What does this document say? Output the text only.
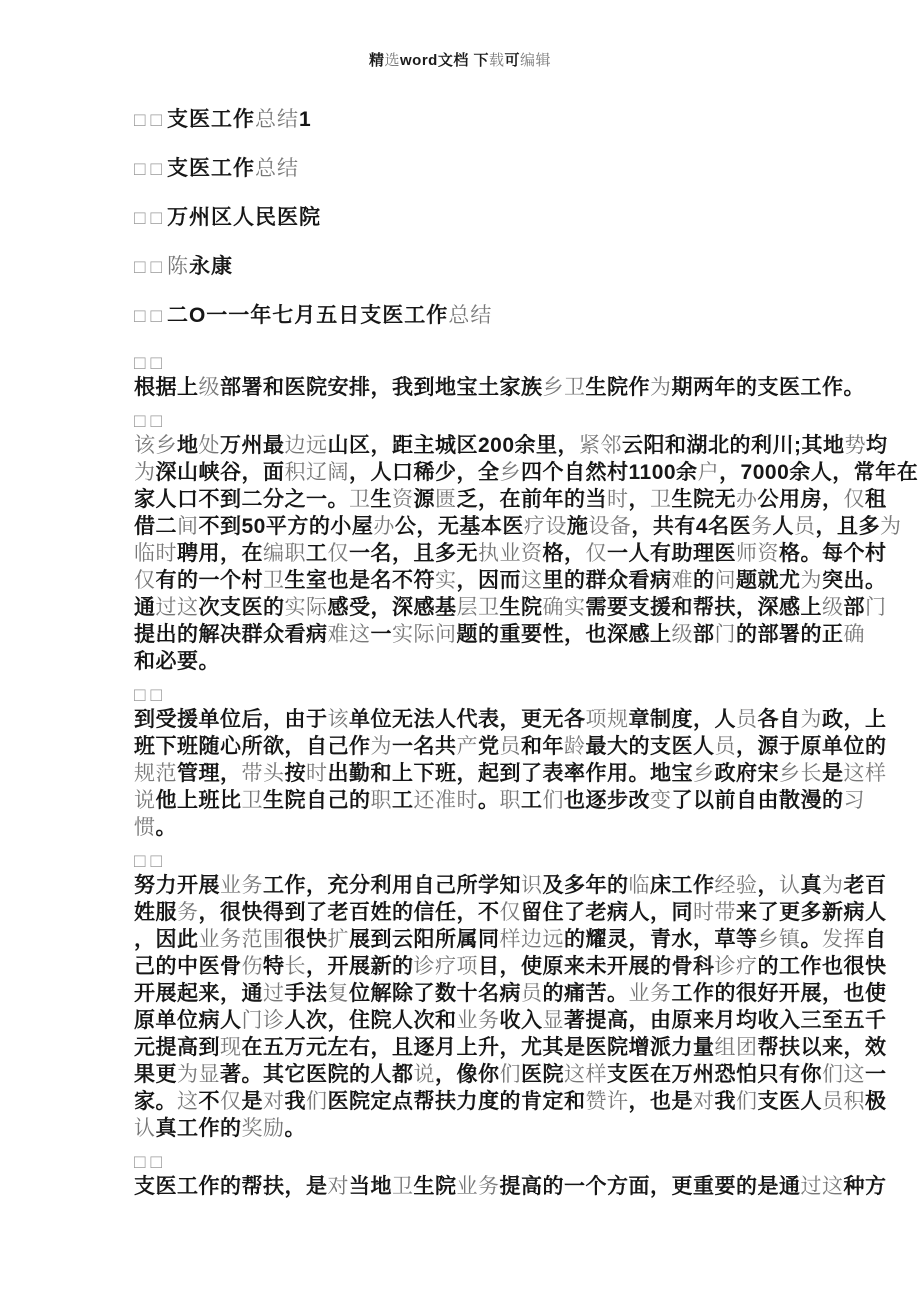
精选word文档 下载可编辑
□□支医工作总结1
□□支医工作总结
□□万州区人民医院
□□陈永康
□□二O一一年七月五日支医工作总结
□□
根据上级部署和医院安排，我到地宝土家族乡卫生院作为期两年的支医工作。
□□
该乡地处万州最边远山区，距主城区200余里，紧邻云阳和湖北的利川;其地势均
为深山峡谷，面积辽阔，人口稀少，全乡四个自然村1100余户，7000余人，常年在
家人口不到二分之一。卫生资源匮乏，在前年的当时，卫生院无办公用房，仅租
借二间不到50平方的小屋办公，无基本医疗设施设备，共有4名医务人员，且多为
临时聘用，在编职工仅一名，且多无执业资格，仅一人有助理医师资格。每个村
仅有的一个村卫生室也是名不符实，因而这里的群众看病难的问题就尤为突出。
通过这次支医的实际感受，深感基层卫生院确实需要支援和帮扶，深感上级部门
提出的解决群众看病难这一实际问题的重要性，也深感上级部门的部署的正确
和必要。
□□
到受援单位后，由于该单位无法人代表，更无各项规章制度，人员各自为政，上
班下班随心所欲，自己作为一名共产党员和年龄最大的支医人员，源于原单位的
规范管理，带头按时出勤和上下班，起到了表率作用。地宝乡政府宋乡长是这样
说他上班比卫生院自己的职工还准时。职工们也逐步改变了以前自由散漫的习
惯。
□□
努力开展业务工作，充分利用自己所学知识及多年的临床工作经验，认真为老百
姓服务，很快得到了老百姓的信任，不仅留住了老病人，同时带来了更多新病人
，因此业务范围很快扩展到云阳所属同样边远的耀灵，青水，草等乡镇。发挥自
己的中医骨伤特长，开展新的诊疗项目，使原来未开展的骨科诊疗的工作也很快
开展起来，通过手法复位解除了数十名病员的痛苦。业务工作的很好开展，也使
原单位病人门诊人次，住院人次和业务收入显著提高，由原来月均收入三至五千
元提高到现在五万元左右，且逐月上升，尤其是医院增派力量组团帮扶以来，效
果更为显著。其它医院的人都说，像你们医院这样支医在万州恐怕只有你们这一
家。这不仅是对我们医院定点帮扶力度的肯定和赞许，也是对我们支医人员积极
认真工作的奖励。
□□
支医工作的帮扶，是对当地卫生院业务提高的一个方面，更重要的是通过这种方
